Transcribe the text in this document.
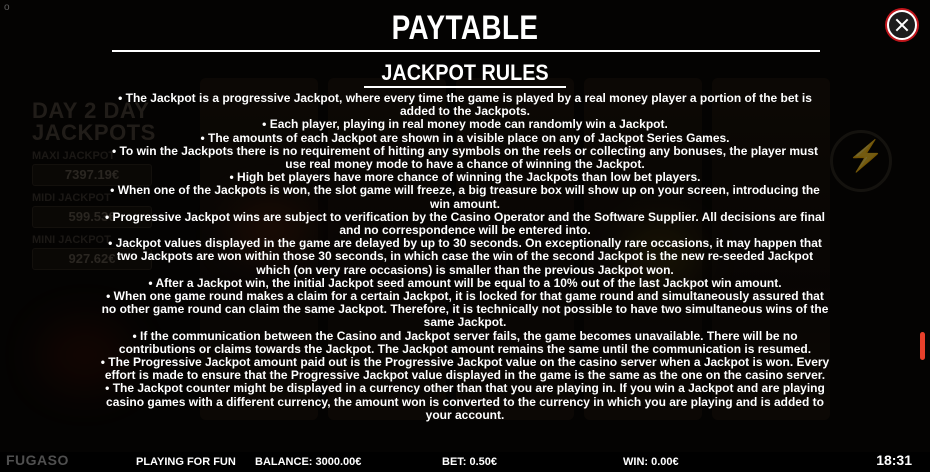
⚡
PAYTABLE
JACKPOT RULES

• The Jackpot is a progressive Jackpot, where every time the game is played by a real money player a portion of the bet is added to the Jackpots.

• Each player, playing in real money mode can randomly win a Jackpot.

• The amounts of each Jackpot are shown in a visible place on any of Jackpot Series Games.

• To win the Jackpots there is no requirement of hitting any symbols on the reels or collecting any bonuses, the player must use real money mode to have a chance of winning the Jackpot.

• High bet players have more chance of winning the Jackpots than low bet players.

• When one of the Jackpots is won, the slot game will freeze, a big treasure box will show up on your screen, introducing the win amount.

• Progressive Jackpot wins are subject to verification by the Casino Operator and the Software Supplier. All decisions are final and no correspondence will be entered into.

• Jackpot values displayed in the game are delayed by up to 30 seconds. On exceptionally rare occasions, it may happen that two Jackpots are won within those 30 seconds, in which case the win of the second Jackpot is the new re-seeded Jackpot which (on very rare occasions) is smaller than the previous Jackpot won.

• After a Jackpot win, the initial Jackpot seed amount will be equal to a 10% out of the last Jackpot win amount.

• When one game round makes a claim for a certain Jackpot, it is locked for that game round and simultaneously assured that no other game round can claim the same Jackpot. Therefore, it is technically not possible to have two simultaneous wins of the same Jackpot.

• If the communication between the Casino and Jackpot server fails, the game becomes unavailable. There will be no contributions or claims towards the Jackpot. The Jackpot amount remains the same until the communication is resumed.

• The Progressive Jackpot amount paid out is the Progressive Jackpot value on the casino server when a Jackpot is won. Every effort is made to ensure that the Progressive Jackpot value displayed in the game is the same as the one on the casino server.

• The Jackpot counter might be displayed in a currency other than that you are playing in. If you win a Jackpot and are playing casino games with a different currency, the amount won is converted to the currency in which you are playing and is added to your account.

FUGASO	PLAYING FOR FUN BALANCE: 3000.00€	BET: 0.50€	WIN: 0.00€	18:31
